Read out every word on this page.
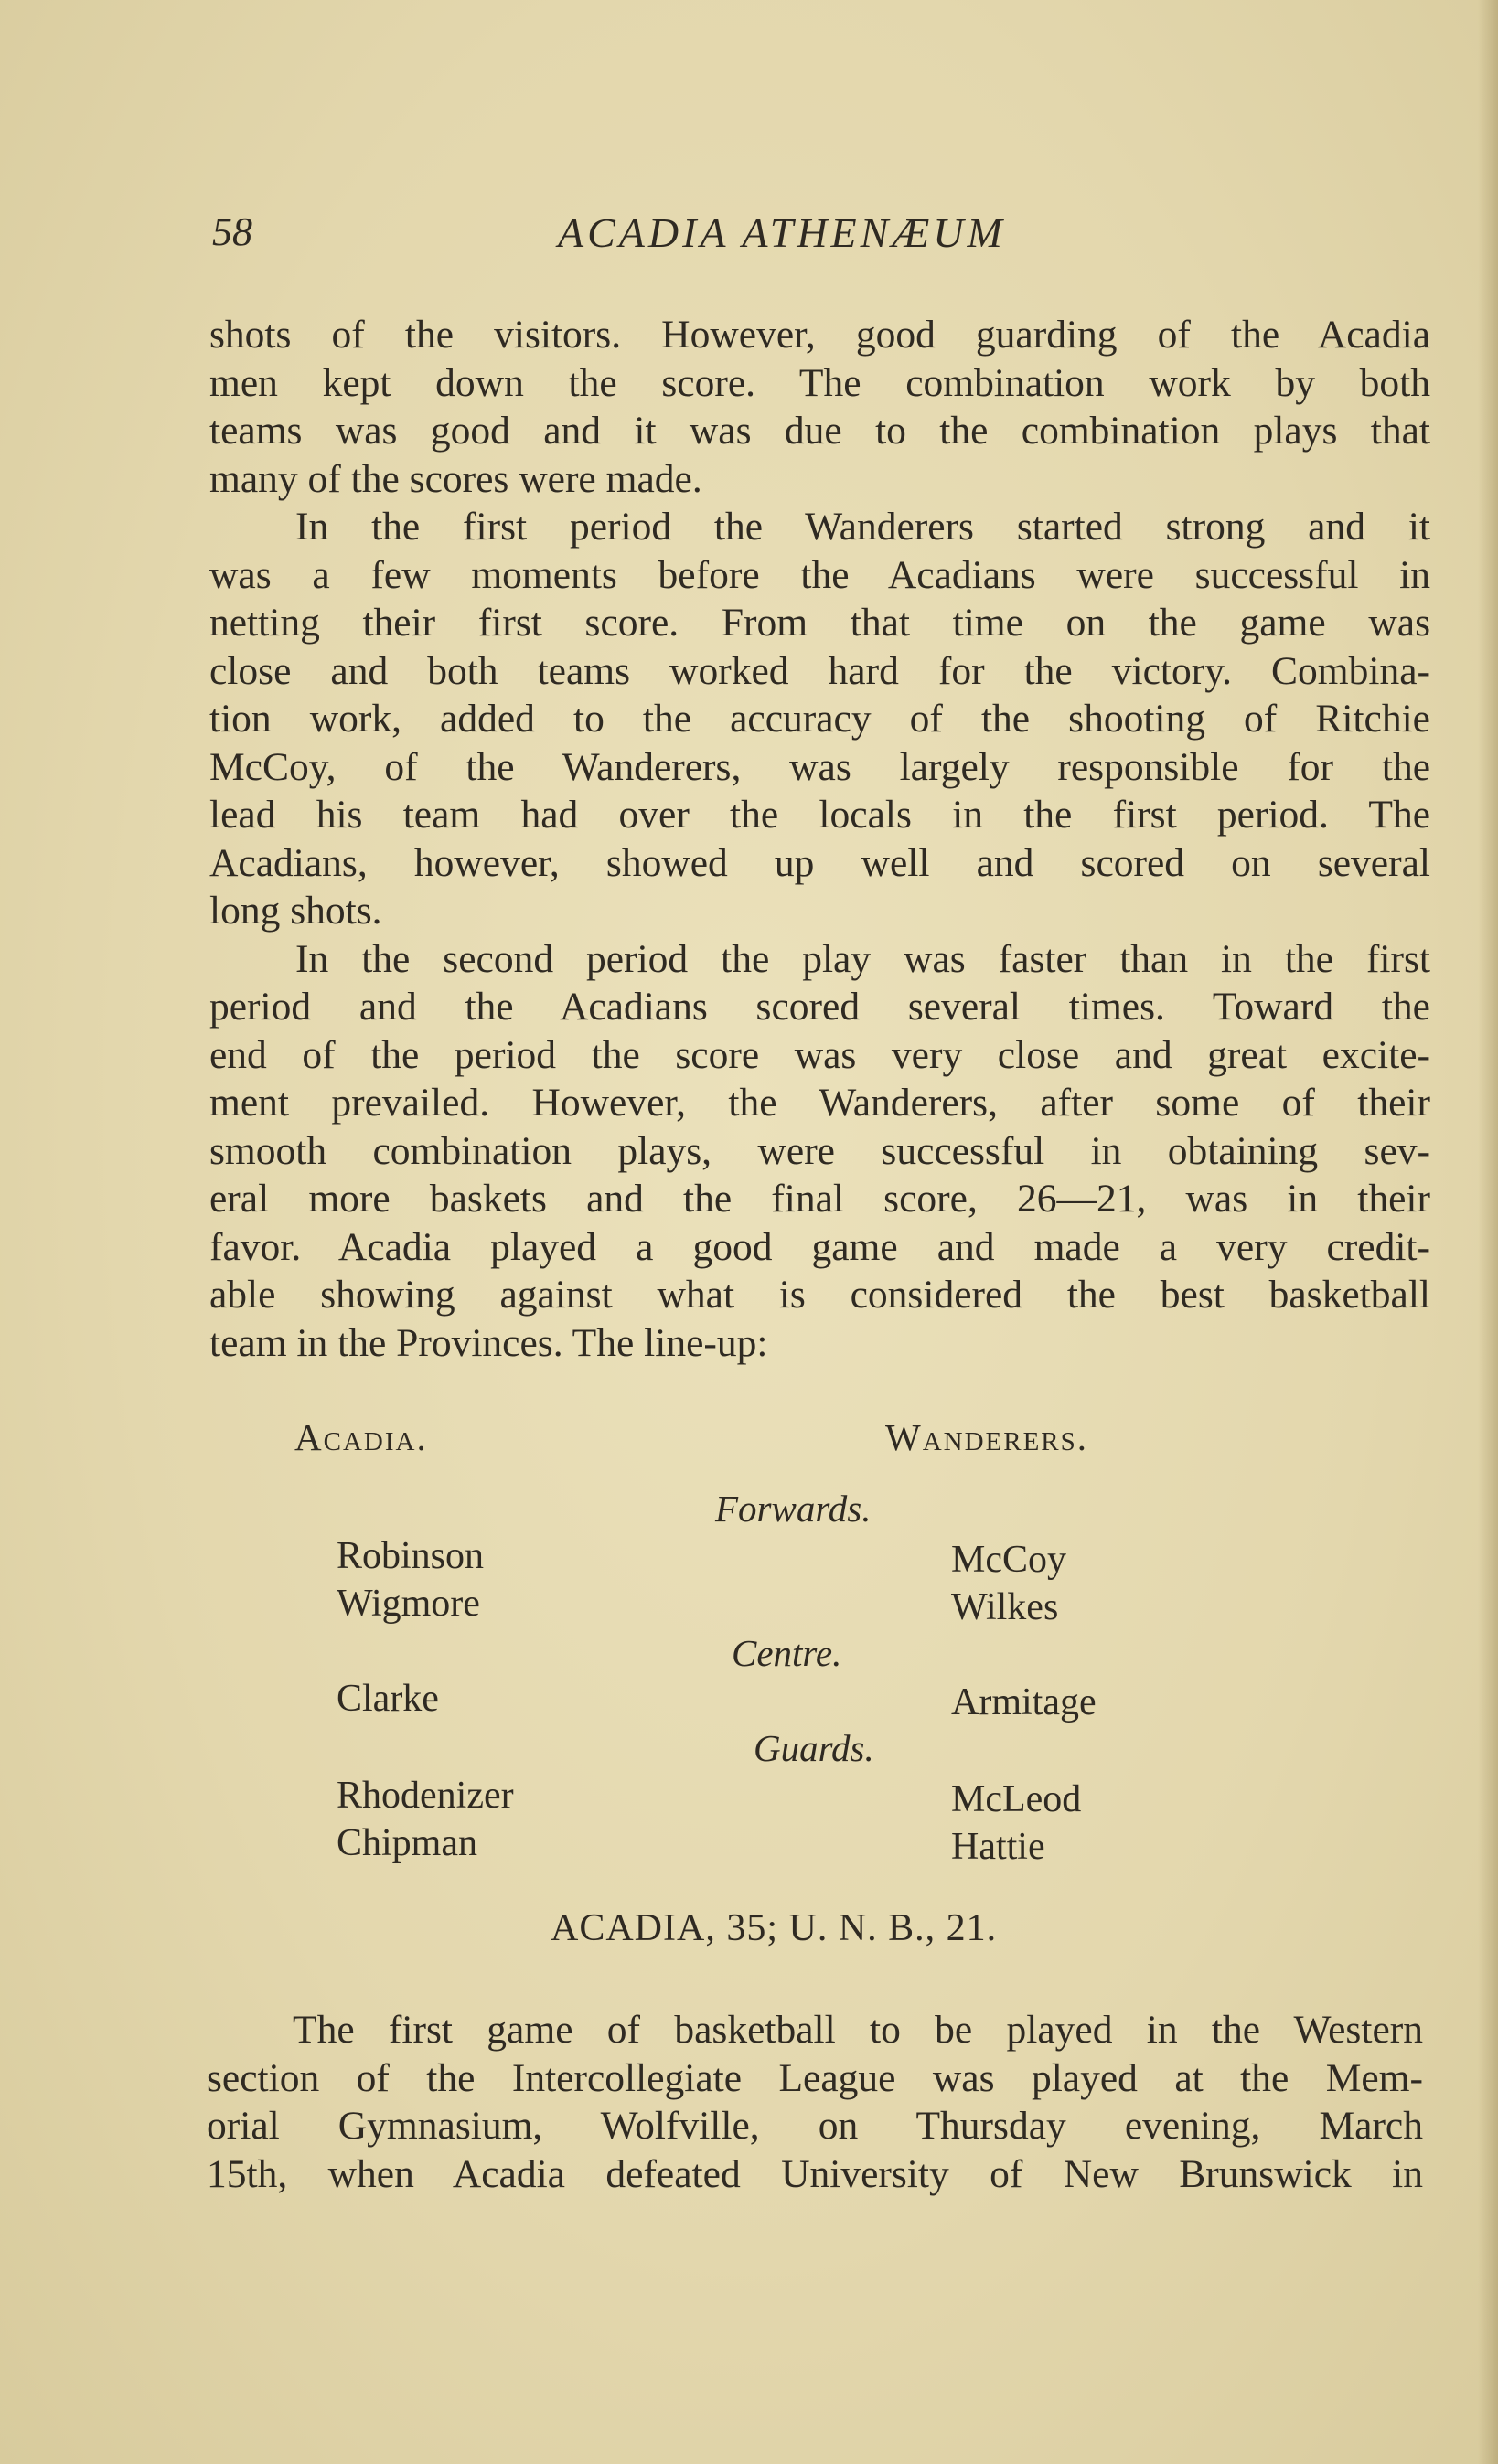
58	ACADIA ATHENÆUM
shots of the visitors. However, good guarding of the Acadia
men kept down the score. The combination work by both
teams was good and it was due to the combination plays that
many of the scores were made.
In the first period the Wanderers started strong and it
was a few moments before the Acadians were successful in
netting their first score. From that time on the game was
close and both teams worked hard for the victory. Combina-
tion work, added to the accuracy of the shooting of Ritchie
McCoy, of the Wanderers, was largely responsible for the
lead his team had over the locals in the first period. The
Acadians, however, showed up well and scored on several
long shots.
In the second period the play was faster than in the first
period and the Acadians scored several times. Toward the
end of the period the score was very close and great excite-
ment prevailed. However, the Wanderers, after some of their
smooth combination plays, were successful in obtaining sev-
eral more baskets and the final score, 26—21, was in their
favor. Acadia played a good game and made a very credit-
able showing against what is considered the best basketball
team in the Provinces. The line-up:
Acadia.	Wanderers.
Forwards.
Robinson	McCoy
Wigmore	Wilkes
Centre.
Clarke	Armitage
Guards.
Rhodenizer	McLeod
Chipman	Hattie
ACADIA, 35; U. N. B., 21.
The first game of basketball to be played in the Western
section of the Intercollegiate League was played at the Mem-
orial Gymnasium, Wolfville, on Thursday evening, March
15th, when Acadia defeated University of New Brunswick in
